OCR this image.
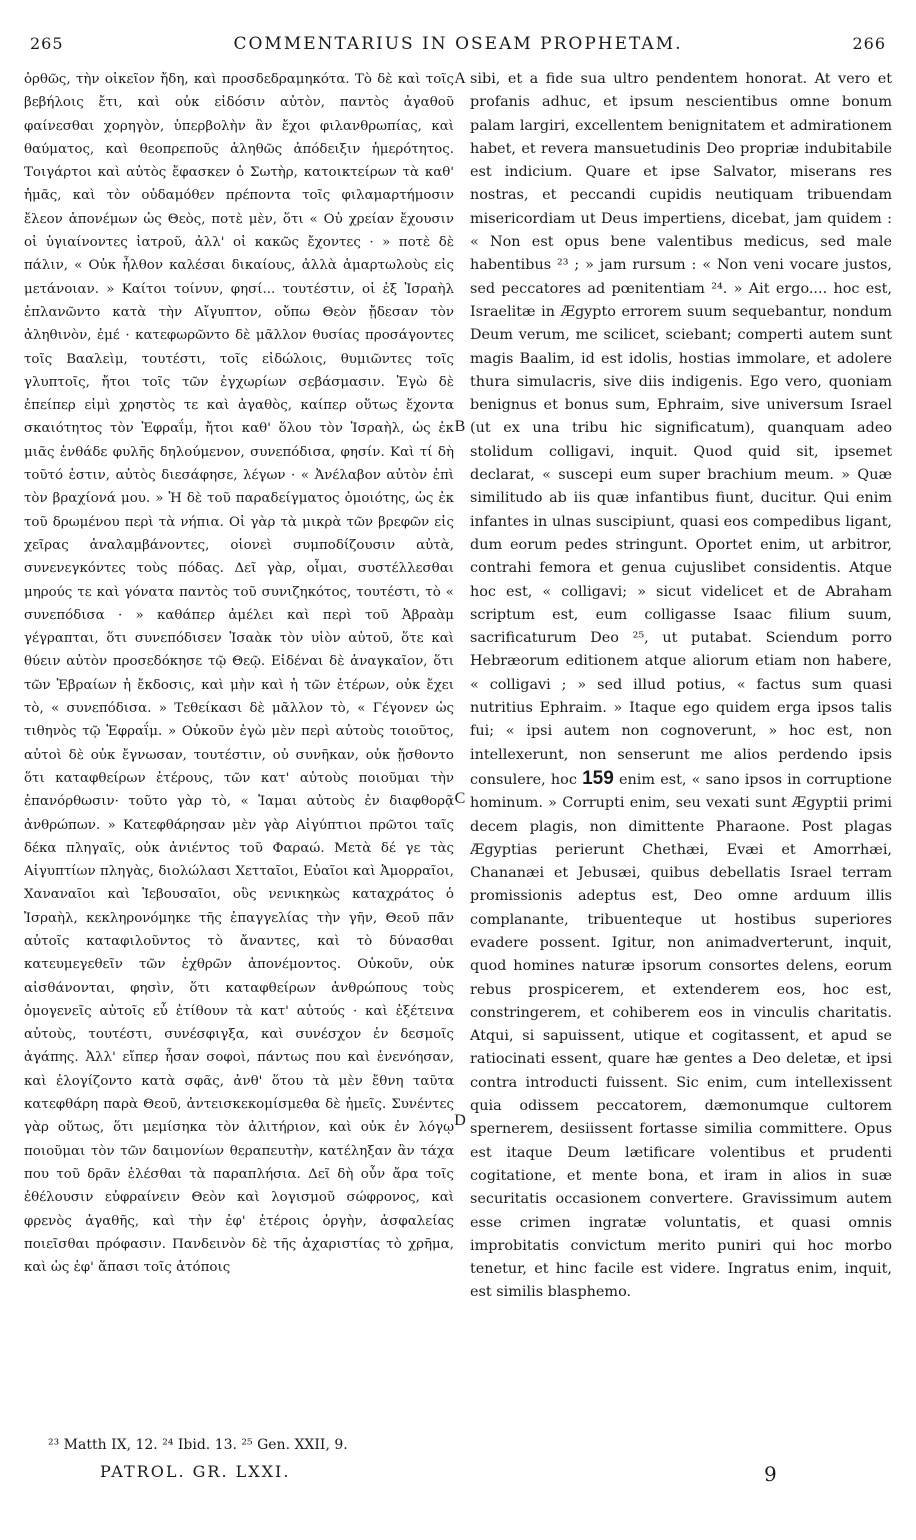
265	COMMENTARIUS IN OSEAM PROPHETAM.	266
ὀρθῶς, τὴν οἰκεῖον ἤδη, καὶ προσδεδραμηκότα. Τὸ δὲ καὶ τοῖς βεβήλοις ἔτι, καὶ οὐκ εἰδόσιν αὐτὸν, παντὸς ἀγαθοῦ φαίνεσθαι χορηγὸν, ὑπερβολὴν ἂν ἔχοι φιλανθρωπίας, καὶ θαύματος, καὶ θεοπρεποῦς ἀληθῶς ἀπόδειξιν ἡμερότητος. Τοιγάρτοι καὶ αὐτὸς ἔφασκεν ὁ Σωτὴρ, κατοικτείρων τὰ καθ' ἡμᾶς, καὶ τὸν οὐδαμόθεν πρέποντα τοῖς φιλαμαρτήμοσιν ἔλεον ἀπονέμων ὡς Θεὸς, ποτὲ μὲν, ὅτι « Οὐ χρείαν ἔχουσιν οἱ ὑγιαίνοντες ἰατροῦ, ἀλλ' οἱ κακῶς ἔχοντες · » ποτὲ δὲ πάλιν, « Οὐκ ἦλθον καλέσαι δικαίους, ἀλλὰ ἁμαρτωλοὺς εἰς μετάνοιαν. » Καίτοι τοίνυν, φησί... τουτέστιν, οἱ ἐξ Ἰσραὴλ ἐπλανῶντο κατὰ τὴν Αἴγυπτον, οὔπω Θεὸν ᾔδεσαν τὸν ἀληθινὸν, ἐμέ · κατεφωρῶντο δὲ μᾶλλον θυσίας προσάγοντες τοῖς Βααλεὶμ, τουτέστι, τοῖς εἰδώλοις, θυμιῶντες τοῖς γλυπτοῖς, ἤτοι τοῖς τῶν ἐγχωρίων σεβάσμασιν. Ἐγὼ δὲ ἐπείπερ εἰμὶ χρηστὸς τε καὶ ἀγαθὸς, καίπερ οὕτως ἔχοντα σκαιότητος τὸν Ἐφραΐμ, ἤτοι καθ' ὅλου τὸν Ἰσραὴλ, ὡς ἐκ μιᾶς ἐνθάδε φυλῆς δηλούμενον, συνεπόδισα, φησίν. Καὶ τί δὴ τοῦτό ἐστιν, αὐτὸς διεσάφησε, λέγων · « Ἀνέλαβον αὐτὸν ἐπὶ τὸν βραχίονά μου. » Ἡ δὲ τοῦ παραδείγματος ὁμοιότης, ὡς ἐκ τοῦ δρωμένου περὶ τὰ νήπια. Οἱ γὰρ τὰ μικρὰ τῶν βρεφῶν εἰς χεῖρας ἀναλαμβάνοντες, οἱονεὶ συμποδίζουσιν αὐτὰ, συνενεγκόντες τοὺς πόδας. Δεῖ γὰρ, οἶμαι, συστέλλεσθαι μηρούς τε καὶ γόνατα παντὸς τοῦ συνιζηκότος, τουτέστι, τὸ « συνεπόδισα · » καθάπερ ἀμέλει καὶ περὶ τοῦ Ἀβραὰμ γέγραπται, ὅτι συνεπόδισεν Ἰσαὰκ τὸν υἱὸν αὐτοῦ, ὅτε καὶ θύειν αὐτὸν προσεδόκησε τῷ Θεῷ. Εἰδέναι δὲ ἀναγκαῖον, ὅτι τῶν Ἑβραίων ἡ ἔκδοσις, καὶ μὴν καὶ ἡ τῶν ἑτέρων, οὐκ ἔχει τὸ, « συνεπόδισα. » Τεθείκασι δὲ μᾶλλον τὸ, « Γέγονεν ὡς τιθηνὸς τῷ Ἐφραΐμ. » Οὐκοῦν ἐγὼ μὲν περὶ αὐτοὺς τοιοῦτος, αὐτοὶ δὲ οὐκ ἔγνωσαν, τουτέστιν, οὐ συνῆκαν, οὐκ ᾔσθοντο ὅτι καταφθείρων ἑτέρους, τῶν κατ' αὐτοὺς ποιοῦμαι τὴν ἐπανόρθωσιν· τοῦτο γὰρ τὸ, « Ἰαμαι αὐτοὺς ἐν διαφθορᾷ ἀνθρώπων. » Κατεφθάρησαν μὲν γὰρ Αἰγύπτιοι πρῶτοι ταῖς δέκα πληγαῖς, οὐκ ἀνιέντος τοῦ Φαραώ. Μετὰ δέ γε τὰς Αἰγυπτίων πληγὰς, διολώλασι Χετταῖοι, Εὐαῖοι καὶ Ἀμορραῖοι, Χαναναῖοι καὶ Ἰεβουσαῖοι, οὓς νενικηκὼς καταχράτος ὁ Ἰσραὴλ, κεκληρονόμηκε τῆς ἐπαγγελίας τὴν γῆν, Θεοῦ πᾶν αὐτοῖς καταφιλοῦντος τὸ ἄναντες, καὶ τὸ δύνασθαι κατευμεγεθεῖν τῶν ἐχθρῶν ἀπονέμοντος. Οὐκοῦν, οὐκ αἰσθάνονται, φησὶν, ὅτι καταφθείρων ἀνθρώπους τοὺς ὁμογενεῖς αὐτοῖς εὖ ἐτίθουν τὰ κατ' αὐτούς · καὶ ἐξέτεινα αὐτοὺς, τουτέστι, συνέσφιγξα, καὶ συνέσχον ἐν δεσμοῖς ἀγάπης. Ἀλλ' εἴπερ ἦσαν σοφοὶ, πάντως που καὶ ἐνενόησαν, καὶ ἐλογίζοντο κατὰ σφᾶς, ἀνθ' ὅτου τὰ μὲν ἔθνη ταῦτα κατεφθάρη παρὰ Θεοῦ, ἀντεισκεκομίσμεθα δὲ ἡμεῖς. Συνέντες γὰρ οὕτως, ὅτι μεμίσηκα τὸν ἀλιτήριον, καὶ οὐκ ἐν λόγῳ ποιοῦμαι τὸν τῶν δαιμονίων θεραπευτὴν, κατέληξαν ἂν τάχα που τοῦ δρᾶν ἐλέσθαι τὰ παραπλήσια. Δεῖ δὴ οὖν ἄρα τοῖς ἐθέλουσιν εὐφραίνειν Θεὸν καὶ λογισμοῦ σώφρονος, καὶ φρενὸς ἀγαθῆς, καὶ τὴν ἐφ' ἑτέροις ὀργὴν, ἀσφαλείας ποιεῖσθαι πρόφασιν. Πανδεινὸν δὲ τῆς ἀχαριστίας τὸ χρῆμα, καὶ ὡς ἐφ' ἅπασι τοῖς ἀτόποις
sibi, et a fide sua ultro pendentem honorat. At vero et profanis adhuc, et ipsum nescientibus omne bonum palam largiri, excellentem benignitatem et admirationem habet, et revera mansuetudinis Deo propriæ indubitabile est indicium. Quare et ipse Salvator, miserans res nostras, et peccandi cupidis neutiquam tribuendam misericordiam ut Deus impertiens, dicebat, jam quidem : « Non est opus bene valentibus medicus, sed male habentibus ²³ ; » jam rursum : « Non veni vocare justos, sed peccatores ad pœnitentiam ²⁴. » Ait ergo.... hoc est, Israelitæ in Ægypto errorem suum sequebantur, nondum Deum verum, me scilicet, sciebant; comperti autem sunt magis Baalim, id est idolis, hostias immolare, et adolere thura simulacris, sive diis indigenis. Ego vero, quoniam benignus et bonus sum, Ephraim, sive universum Israel (ut ex una tribu hic significatum), quanquam adeo stolidum colligavi, inquit. Quod quid sit, ipsemet declarat, « suscepi eum super brachium meum. » Quæ similitudo ab iis quæ infantibus fiunt, ducitur. Qui enim infantes in ulnas suscipiunt, quasi eos compedibus ligant, dum eorum pedes stringunt. Oportet enim, ut arbitror, contrahi femora et genua cujuslibet considentis. Atque hoc est, « colligavi; » sicut videlicet et de Abraham scriptum est, eum colligasse Isaac filium suum, sacrificaturum Deo ²⁵, ut putabat. Sciendum porro Hebræorum editionem atque aliorum etiam non habere, « colligavi ; » sed illud potius, « factus sum quasi nutritius Ephraim. » Itaque ego quidem erga ipsos talis fui; « ipsi autem non cognoverunt, » hoc est, non intellexerunt, non senserunt me alios perdendo ipsis consulere, hoc 159 enim est, « sano ipsos in corruptione hominum. » Corrupti enim, seu vexati sunt Ægyptii primi decem plagis, non dimittente Pharaone. Post plagas Ægyptias perierunt Chethæi, Evæi et Amorrhæi, Chananæi et Jebusæi, quibus debellatis Israel terram promissionis adeptus est, Deo omne arduum illis complanante, tribuenteque ut hostibus superiores evadere possent. Igitur, non animadverterunt, inquit, quod homines naturæ ipsorum consortes delens, eorum rebus prospicerem, et extenderem eos, hoc est, constringerem, et cohiberem eos in vinculis charitatis. Atqui, si sapuissent, utique et cogitassent, et apud se ratiocinati essent, quare hæ gentes a Deo deletæ, et ipsi contra introducti fuissent. Sic enim, cum intellexissent quia odissem peccatorem, dæmonumque cultorem spernerem, desiissent fortasse similia committere. Opus est itaque Deum lætificare volentibus et prudenti cogitatione, et mente bona, et iram in alios in suæ securitatis occasionem convertere. Gravissimum autem esse crimen ingratæ voluntatis, et quasi omnis improbitatis convictum merito puniri qui hoc morbo tenetur, et hinc facile est videre. Ingratus enim, inquit, est similis blasphemo.
A
B
C
D
²³ Matth IX, 12. ²⁴ Ibid. 13. ²⁵ Gen. XXII, 9.
PATROL. GR. LXXI.	9
